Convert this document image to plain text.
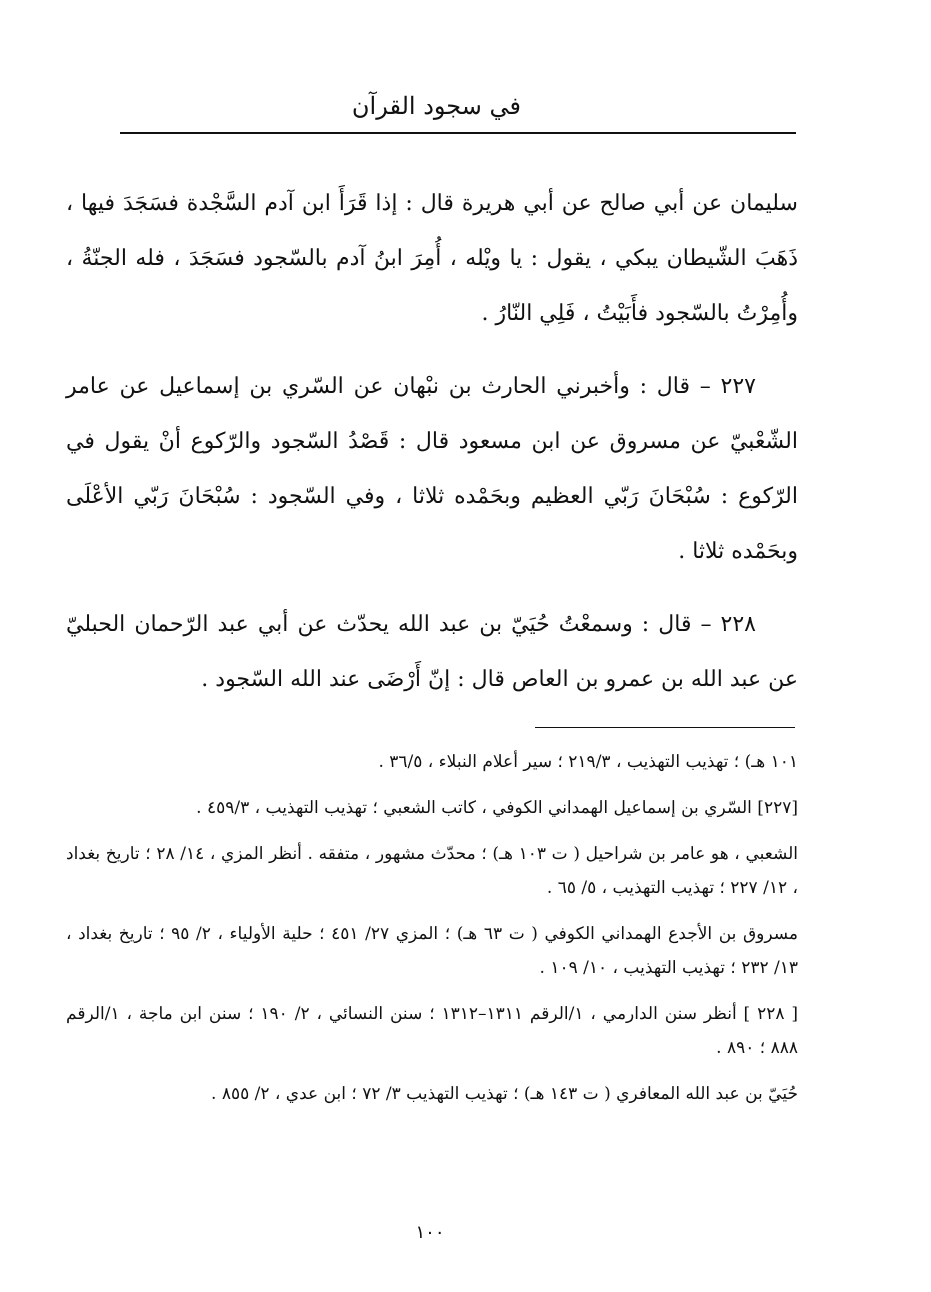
في سجود القرآن

سليمان عن أبي صالح عن أبي هريرة قال : إذا قَرَأَ ابن آدم السَّجْدة فسَجَدَ فيها ، ذَهَبَ الشّيطان يبكي ، يقول : يا ويْله ، أُمِرَ ابنُ آدم بالسّجود فسَجَدَ ، فله الجنّةُ ، وأُمِرْتُ بالسّجود فأَبَيْتُ ، فَلِي النّارُ .

٢٢٧ – قال : وأخبرني الحارث بن نبْهان عن السّري بن إسماعيل عن عامر الشّعْبيّ عن مسروق عن ابن مسعود قال : قَصْدُ السّجود والرّكوع أنْ يقول في الرّكوع : سُبْحَانَ رَبّي العظيم وبحَمْده ثلاثا ، وفي السّجود : سُبْحَانَ رَبّي الأعْلَى وبحَمْده ثلاثا .

٢٢٨ – قال : وسمعْتُ حُيَيّ بن عبد الله يحدّث عن أبي عبد الرّحمان الحبليّ عن عبد الله بن عمرو بن العاص قال : إنّ أَرْضَى عند الله السّجود .

١٠١ هـ) ؛ تهذيب التهذيب ، ٢١٩/٣ ؛ سير أعلام النبلاء ، ٣٦/٥ .

[٢٢٧] السّري بن إسماعيل الهمداني الكوفي ، كاتب الشعبي ؛ تهذيب التهذيب ، ٤٥٩/٣ .

الشعبي ، هو عامر بن شراحيل ( ت ١٠٣ هـ) ؛ محدّث مشهور ، متفقه . أنظر المزي ، ١٤/ ٢٨ ؛ تاريخ بغداد ، ١٢/ ٢٢٧ ؛ تهذيب التهذيب ، ٥/ ٦٥ .

مسروق بن الأجدع الهمداني الكوفي ( ت ٦٣ هـ) ؛ المزي ٢٧/ ٤٥١ ؛ حلية الأولياء ، ٢/ ٩٥ ؛ تاريخ بغداد ، ١٣/ ٢٣٢ ؛ تهذيب التهذيب ، ١٠/ ١٠٩ .

[ ٢٢٨ ] أنظر سنن الدارمي ، ١/الرقم ١٣١١–١٣١٢ ؛ سنن النسائي ، ٢/ ١٩٠ ؛ سنن ابن ماجة ، ١/الرقم ٨٨٨ ؛ ٨٩٠ .

حُيَيّ بن عبد الله المعافري ( ت ١٤٣ هـ) ؛ تهذيب التهذيب ٣/ ٧٢ ؛ ابن عدي ، ٢/ ٨٥٥ .

١٠٠
